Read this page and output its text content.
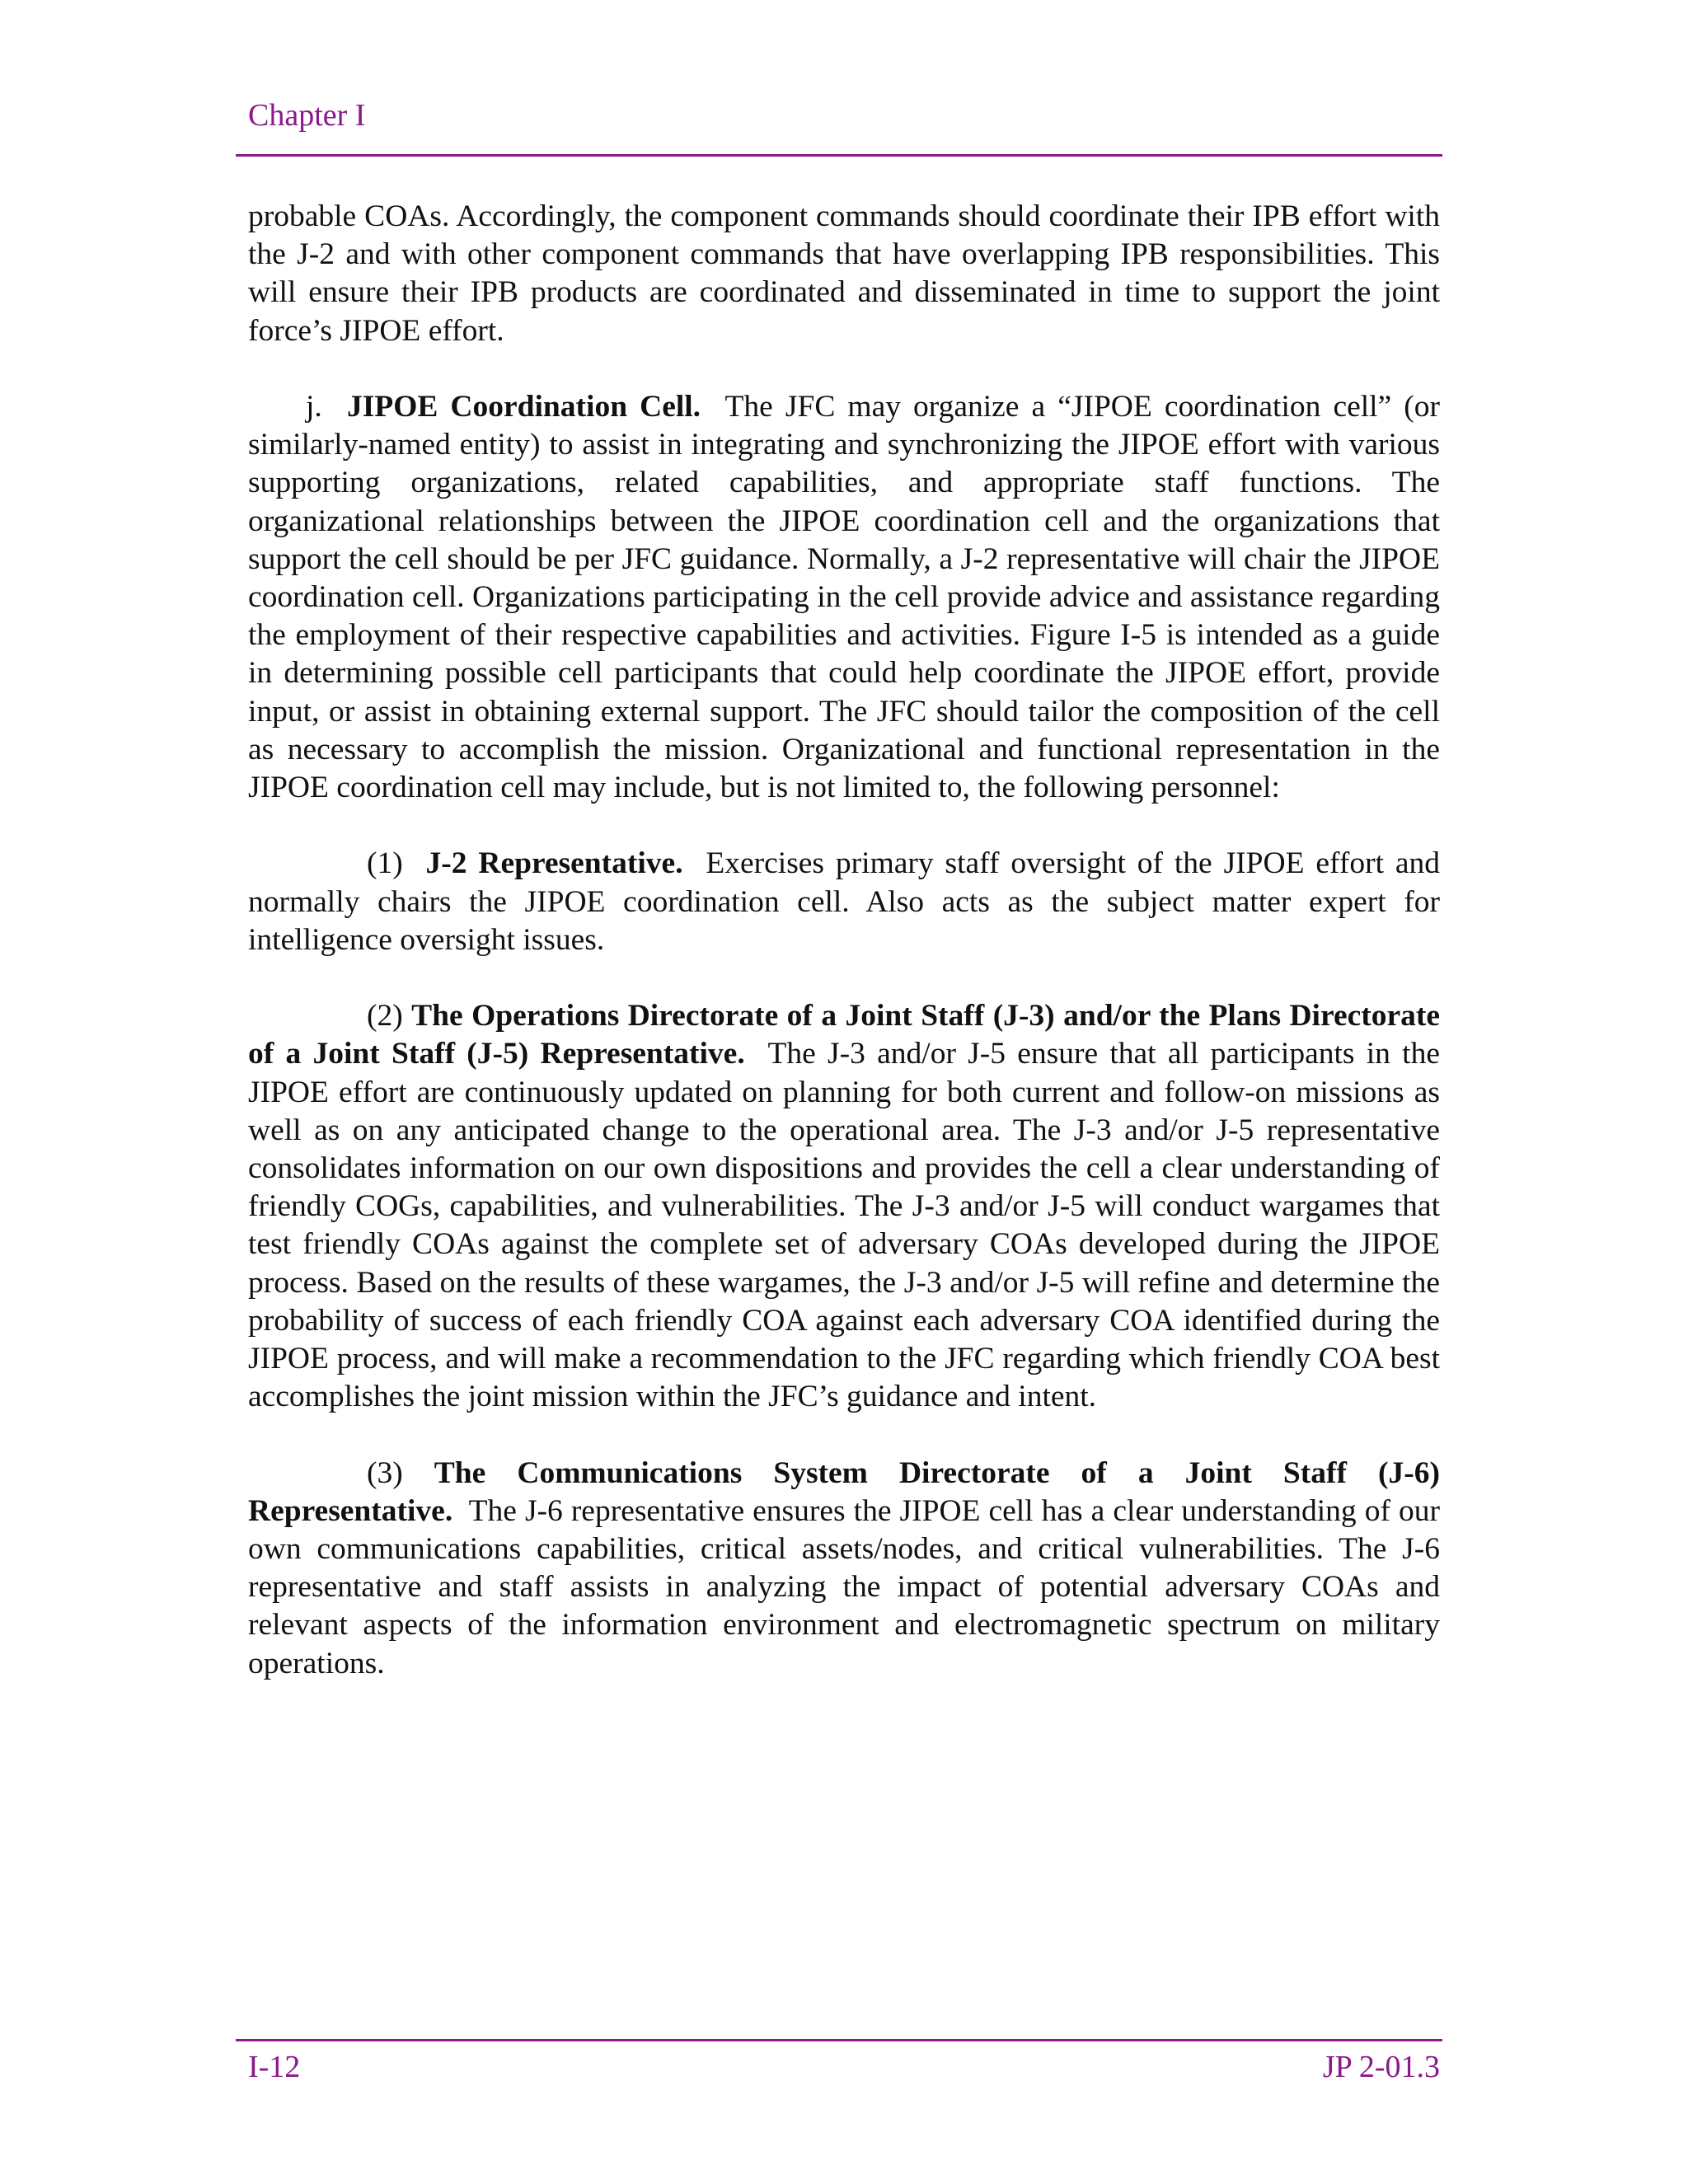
Chapter I

probable COAs. Accordingly, the component commands should coordinate their IPB effort with the J-2 and with other component commands that have overlapping IPB responsibilities. This will ensure their IPB products are coordinated and disseminated in time to support the joint force’s JIPOE effort.

j. JIPOE Coordination Cell. The JFC may organize a “JIPOE coordination cell” (or similarly-named entity) to assist in integrating and synchronizing the JIPOE effort with various supporting organizations, related capabilities, and appropriate staff functions. The organizational relationships between the JIPOE coordination cell and the organizations that support the cell should be per JFC guidance. Normally, a J-2 representative will chair the JIPOE coordination cell. Organizations participating in the cell provide advice and assistance regarding the employment of their respective capabilities and activities. Figure I-5 is intended as a guide in determining possible cell participants that could help coordinate the JIPOE effort, provide input, or assist in obtaining external support. The JFC should tailor the composition of the cell as necessary to accomplish the mission. Organizational and functional representation in the JIPOE coordination cell may include, but is not limited to, the following personnel:

(1) J-2 Representative. Exercises primary staff oversight of the JIPOE effort and normally chairs the JIPOE coordination cell. Also acts as the subject matter expert for intelligence oversight issues.

(2) The Operations Directorate of a Joint Staff (J-3) and/or the Plans Directorate of a Joint Staff (J-5) Representative. The J-3 and/or J-5 ensure that all participants in the JIPOE effort are continuously updated on planning for both current and follow-on missions as well as on any anticipated change to the operational area. The J-3 and/or J-5 representative consolidates information on our own dispositions and provides the cell a clear understanding of friendly COGs, capabilities, and vulnerabilities. The J-3 and/or J-5 will conduct wargames that test friendly COAs against the complete set of adversary COAs developed during the JIPOE process. Based on the results of these wargames, the J-3 and/or J-5 will refine and determine the probability of success of each friendly COA against each adversary COA identified during the JIPOE process, and will make a recommendation to the JFC regarding which friendly COA best accomplishes the joint mission within the JFC’s guidance and intent.

(3) The Communications System Directorate of a Joint Staff (J-6) Representative. The J-6 representative ensures the JIPOE cell has a clear understanding of our own communications capabilities, critical assets/nodes, and critical vulnerabilities. The J-6 representative and staff assists in analyzing the impact of potential adversary COAs and relevant aspects of the information environment and electromagnetic spectrum on military operations.

I-12	JP 2-01.3
